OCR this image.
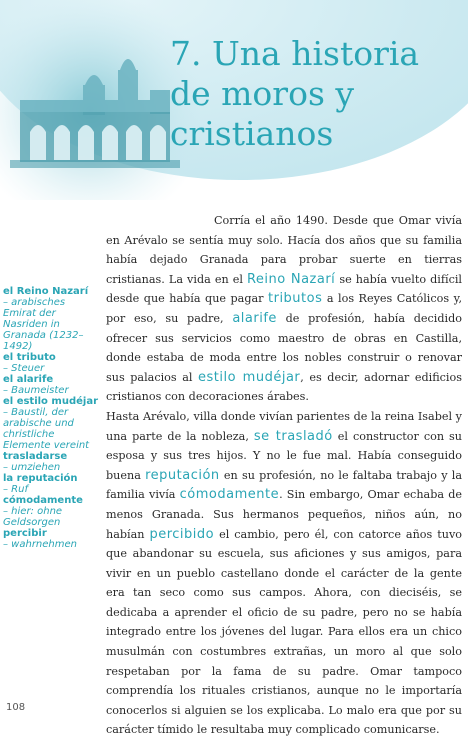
7. Una historia
de moros y
cristianos
el Reino Nazarí
– arabisches Emirat der Nasriden in Granada (1232–1492)
el tributo
– Steuer
el alarife
– Baumeister
el estilo mudéjar
– Baustil, der arabische und christliche Elemente vereint
trasladarse
– umziehen
la reputación
– Ruf
cómodamente
– hier: ohne Geldsorgen
percibir
– wahrnehmen

Corría el año 1490. Desde que Omar vivía en Arévalo se sentía muy solo. Hacía dos años que su familia había dejado Granada para probar suerte en tierras cristianas. La vida en el Reino Nazarí se había vuelto difícil desde que había que pagar tributos a los Reyes Católicos y, por eso, su padre, alarife de profesión, había decidido ofrecer sus servicios como maestro de obras en Castilla, donde estaba de moda entre los nobles construir o renovar sus palacios al estilo mudéjar, es decir, adornar edificios cristianos con decoraciones árabes.

Hasta Arévalo, villa donde vivían parientes de la reina Isabel y una parte de la nobleza, se trasladó el constructor con su esposa y sus tres hijos. Y no le fue mal. Había conseguido buena reputación en su profesión, no le faltaba trabajo y la familia vivía cómodamente. Sin embargo, Omar echaba de menos Granada. Sus hermanos pequeños, niños aún, no habían percibido el cambio, pero él, con catorce años tuvo que abandonar su escuela, sus aficiones y sus amigos, para vivir en un pueblo castellano donde el carácter de la gente era tan seco como sus campos. Ahora, con dieciséis, se dedicaba a aprender el oficio de su padre, pero no se había integrado entre los jóvenes del lugar. Para ellos era un chico musulmán con costumbres extrañas, un moro al que solo respetaban por la fama de su padre. Omar tampoco comprendía los rituales cristianos, aunque no le importaría conocerlos si alguien se los explicaba. Lo malo era que por su carácter tímido le resultaba muy complicado comunicarse.

108
